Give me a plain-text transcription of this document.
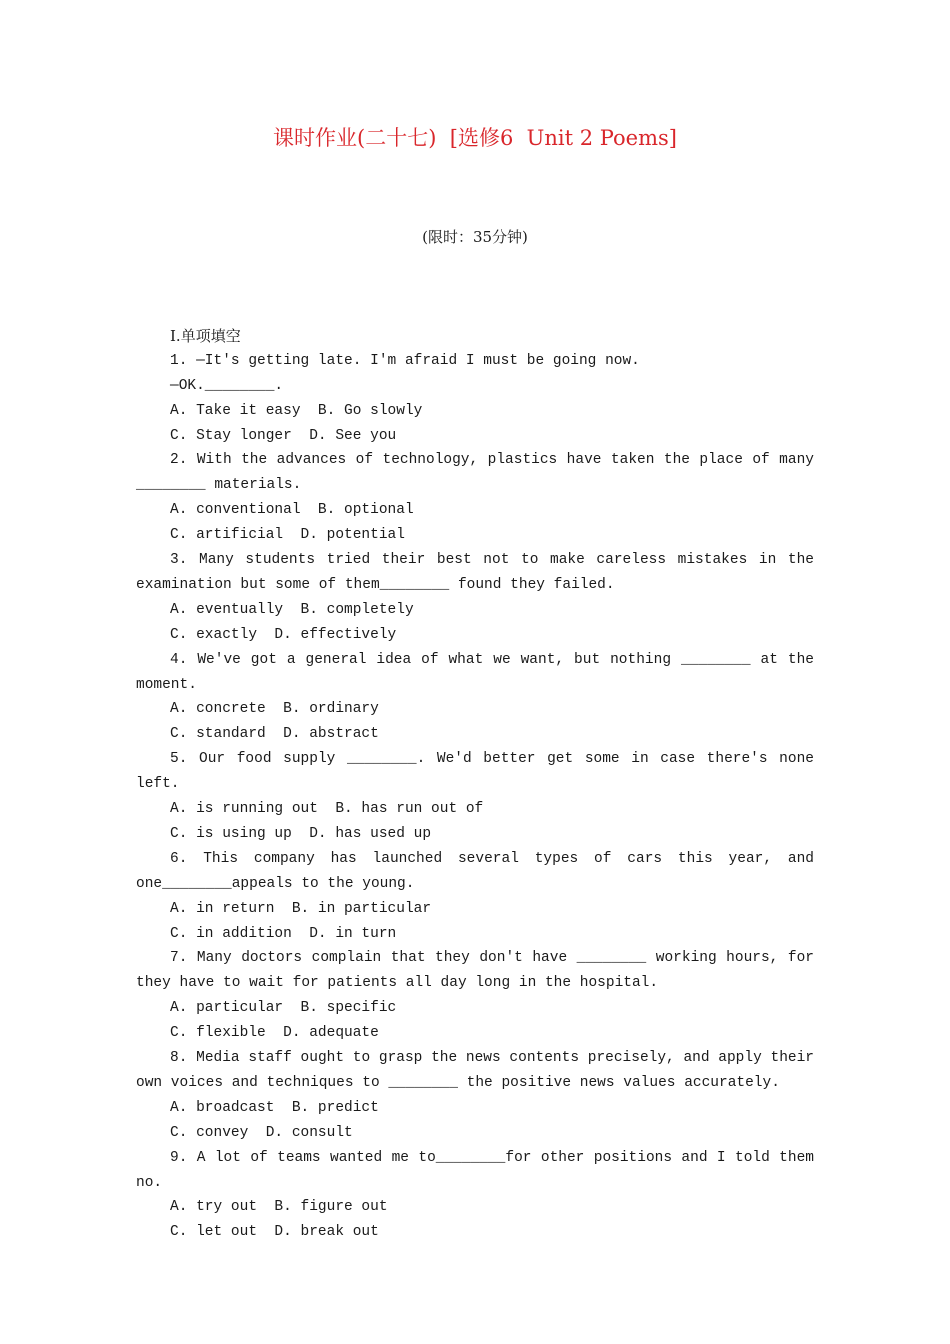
课时作业(二十七)  [选修6  Unit 2 Poems]
(限时：35分钟)
Ⅰ.单项填空
1. —It's getting late. I'm afraid I must be going now.
—OK.________.
A. Take it easy  B. Go slowly
C. Stay longer  D. See you
2. With the advances of technology, plastics have taken the place of many ________ materials.
A. conventional  B. optional
C. artificial  D. potential
3. Many students tried their best not to make careless mistakes in the examination but some of them________ found they failed.
A. eventually  B. completely
C. exactly  D. effectively
4. We've got a general idea of what we want, but nothing ________ at the moment.
A. concrete  B. ordinary
C. standard  D. abstract
5. Our food supply ________. We'd better get some in case there's none left.
A. is running out  B. has run out of
C. is using up  D. has used up
6. This company has launched several types of cars this year, and one________appeals to the young.
A. in return  B. in particular
C. in addition  D. in turn
7. Many doctors complain that they don't have ________ working hours, for they have to wait for patients all day long in the hospital.
A. particular  B. specific
C. flexible  D. adequate
8. Media staff ought to grasp the news contents precisely, and apply their own voices and techniques to ________ the positive news values accurately.
A. broadcast  B. predict
C. convey  D. consult
9. A lot of teams wanted me to________for other positions and I told them no.
A. try out  B. figure out
C. let out  D. break out
